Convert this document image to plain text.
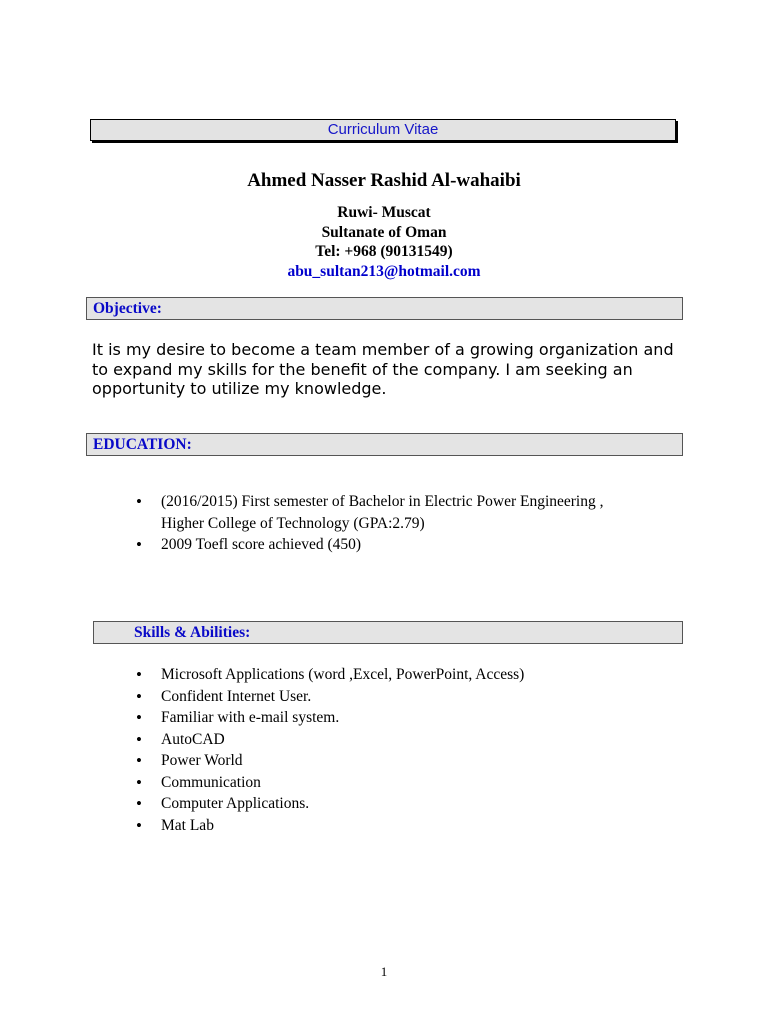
Curriculum Vitae
Ahmed Nasser Rashid Al-wahaibi
Ruwi- Muscat
Sultanate of Oman
Tel: +968 (90131549)
abu_sultan213@hotmail.com
Objective:
It is my desire to become a team member of a growing organization and to expand my skills for the benefit of the company. I am seeking an opportunity to utilize my knowledge.
EDUCATION:
• (2016/2015) First semester of Bachelor in Electric Power Engineering , Higher College of Technology (GPA:2.79)
• 2009 Toefl score achieved (450)
Skills & Abilities:
• Microsoft Applications (word ,Excel, PowerPoint, Access)
• Confident Internet User.
• Familiar with e-mail system.
• AutoCAD
• Power World
• Communication
• Computer Applications.
• Mat Lab
1
